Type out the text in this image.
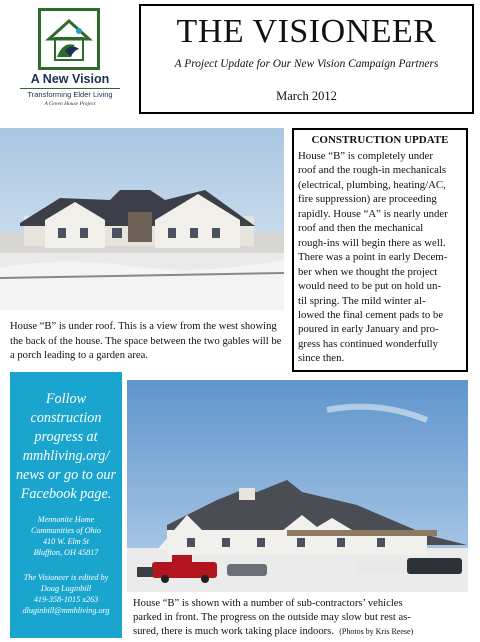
A New Vision
Transforming Elder Living
A Green House Project
THE VISIONEER
A Project Update for Our New Vision Campaign Partners
March 2012
House “B” is under roof. This is a view from the west showing the back of the house. The space between the two gables will be a porch leading to a garden area.
CONSTRUCTION UPDATE
House “B” is completely under
roof and the rough-in mechanicals
(electrical, plumbing, heating/AC,
fire suppression) are proceeding
rapidly. House “A” is nearly under
roof and then the mechanical
rough-ins will begin there as well.
There was a point in early Decem-
ber when we thought the project
would need to be put on hold un-
til spring. The mild winter al-
lowed the final cement pads to be
poured in early January and pro-
gress has continued wonderfully
since then.
Follow
construction
progress at
mmhliving.org/
news or go to our
Facebook page.
Mennonite Home
Communities of Ohio
410 W. Elm St
Bluffton, OH 45817
The Visioneer is edited by
Doug Luginbill
419-358-1015 x263
dluginbill@mmhliving.org
House “B” is shown with a number of sub-contractors’ vehicles
parked in front. The progress on the outside may slow but rest as-
sured, there is much work taking place indoors. (Photos by Kris Reese)
